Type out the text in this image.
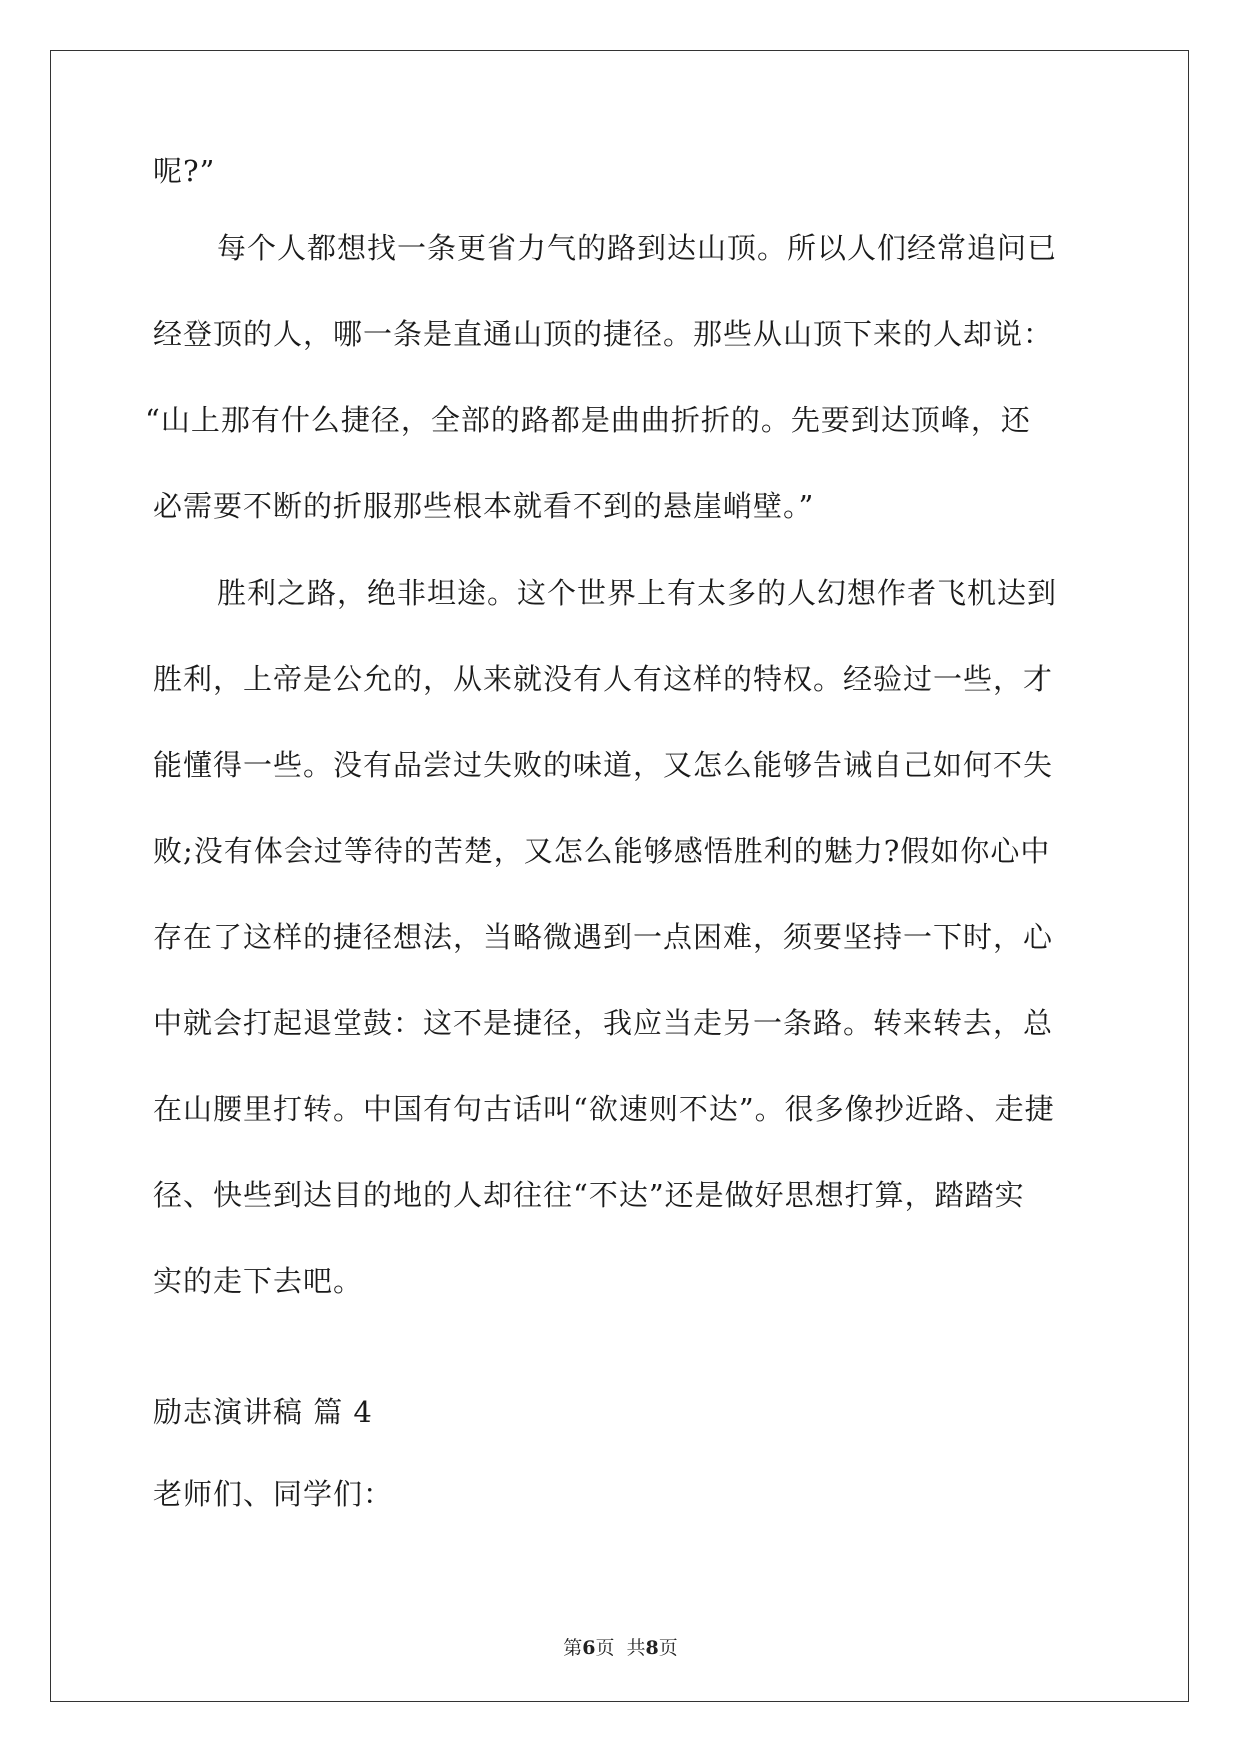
呢?”
每个人都想找一条更省力气的路到达山顶。所以人们经常追问已
经登顶的人，哪一条是直通山顶的捷径。那些从山顶下来的人却说：
“山上那有什么捷径，全部的路都是曲曲折折的。先要到达顶峰，还
必需要不断的折服那些根本就看不到的悬崖峭壁。”
胜利之路，绝非坦途。这个世界上有太多的人幻想作者飞机达到
胜利，上帝是公允的，从来就没有人有这样的特权。经验过一些，才
能懂得一些。没有品尝过失败的味道，又怎么能够告诫自己如何不失
败;没有体会过等待的苦楚，又怎么能够感悟胜利的魅力?假如你心中
存在了这样的捷径想法，当略微遇到一点困难，须要坚持一下时，心
中就会打起退堂鼓：这不是捷径，我应当走另一条路。转来转去，总
在山腰里打转。中国有句古话叫“欲速则不达”。很多像抄近路、走捷
径、快些到达目的地的人却往往“不达”还是做好思想打算，踏踏实
实的走下去吧。
励志演讲稿 篇 4
老师们、同学们：
第6页  共8页
